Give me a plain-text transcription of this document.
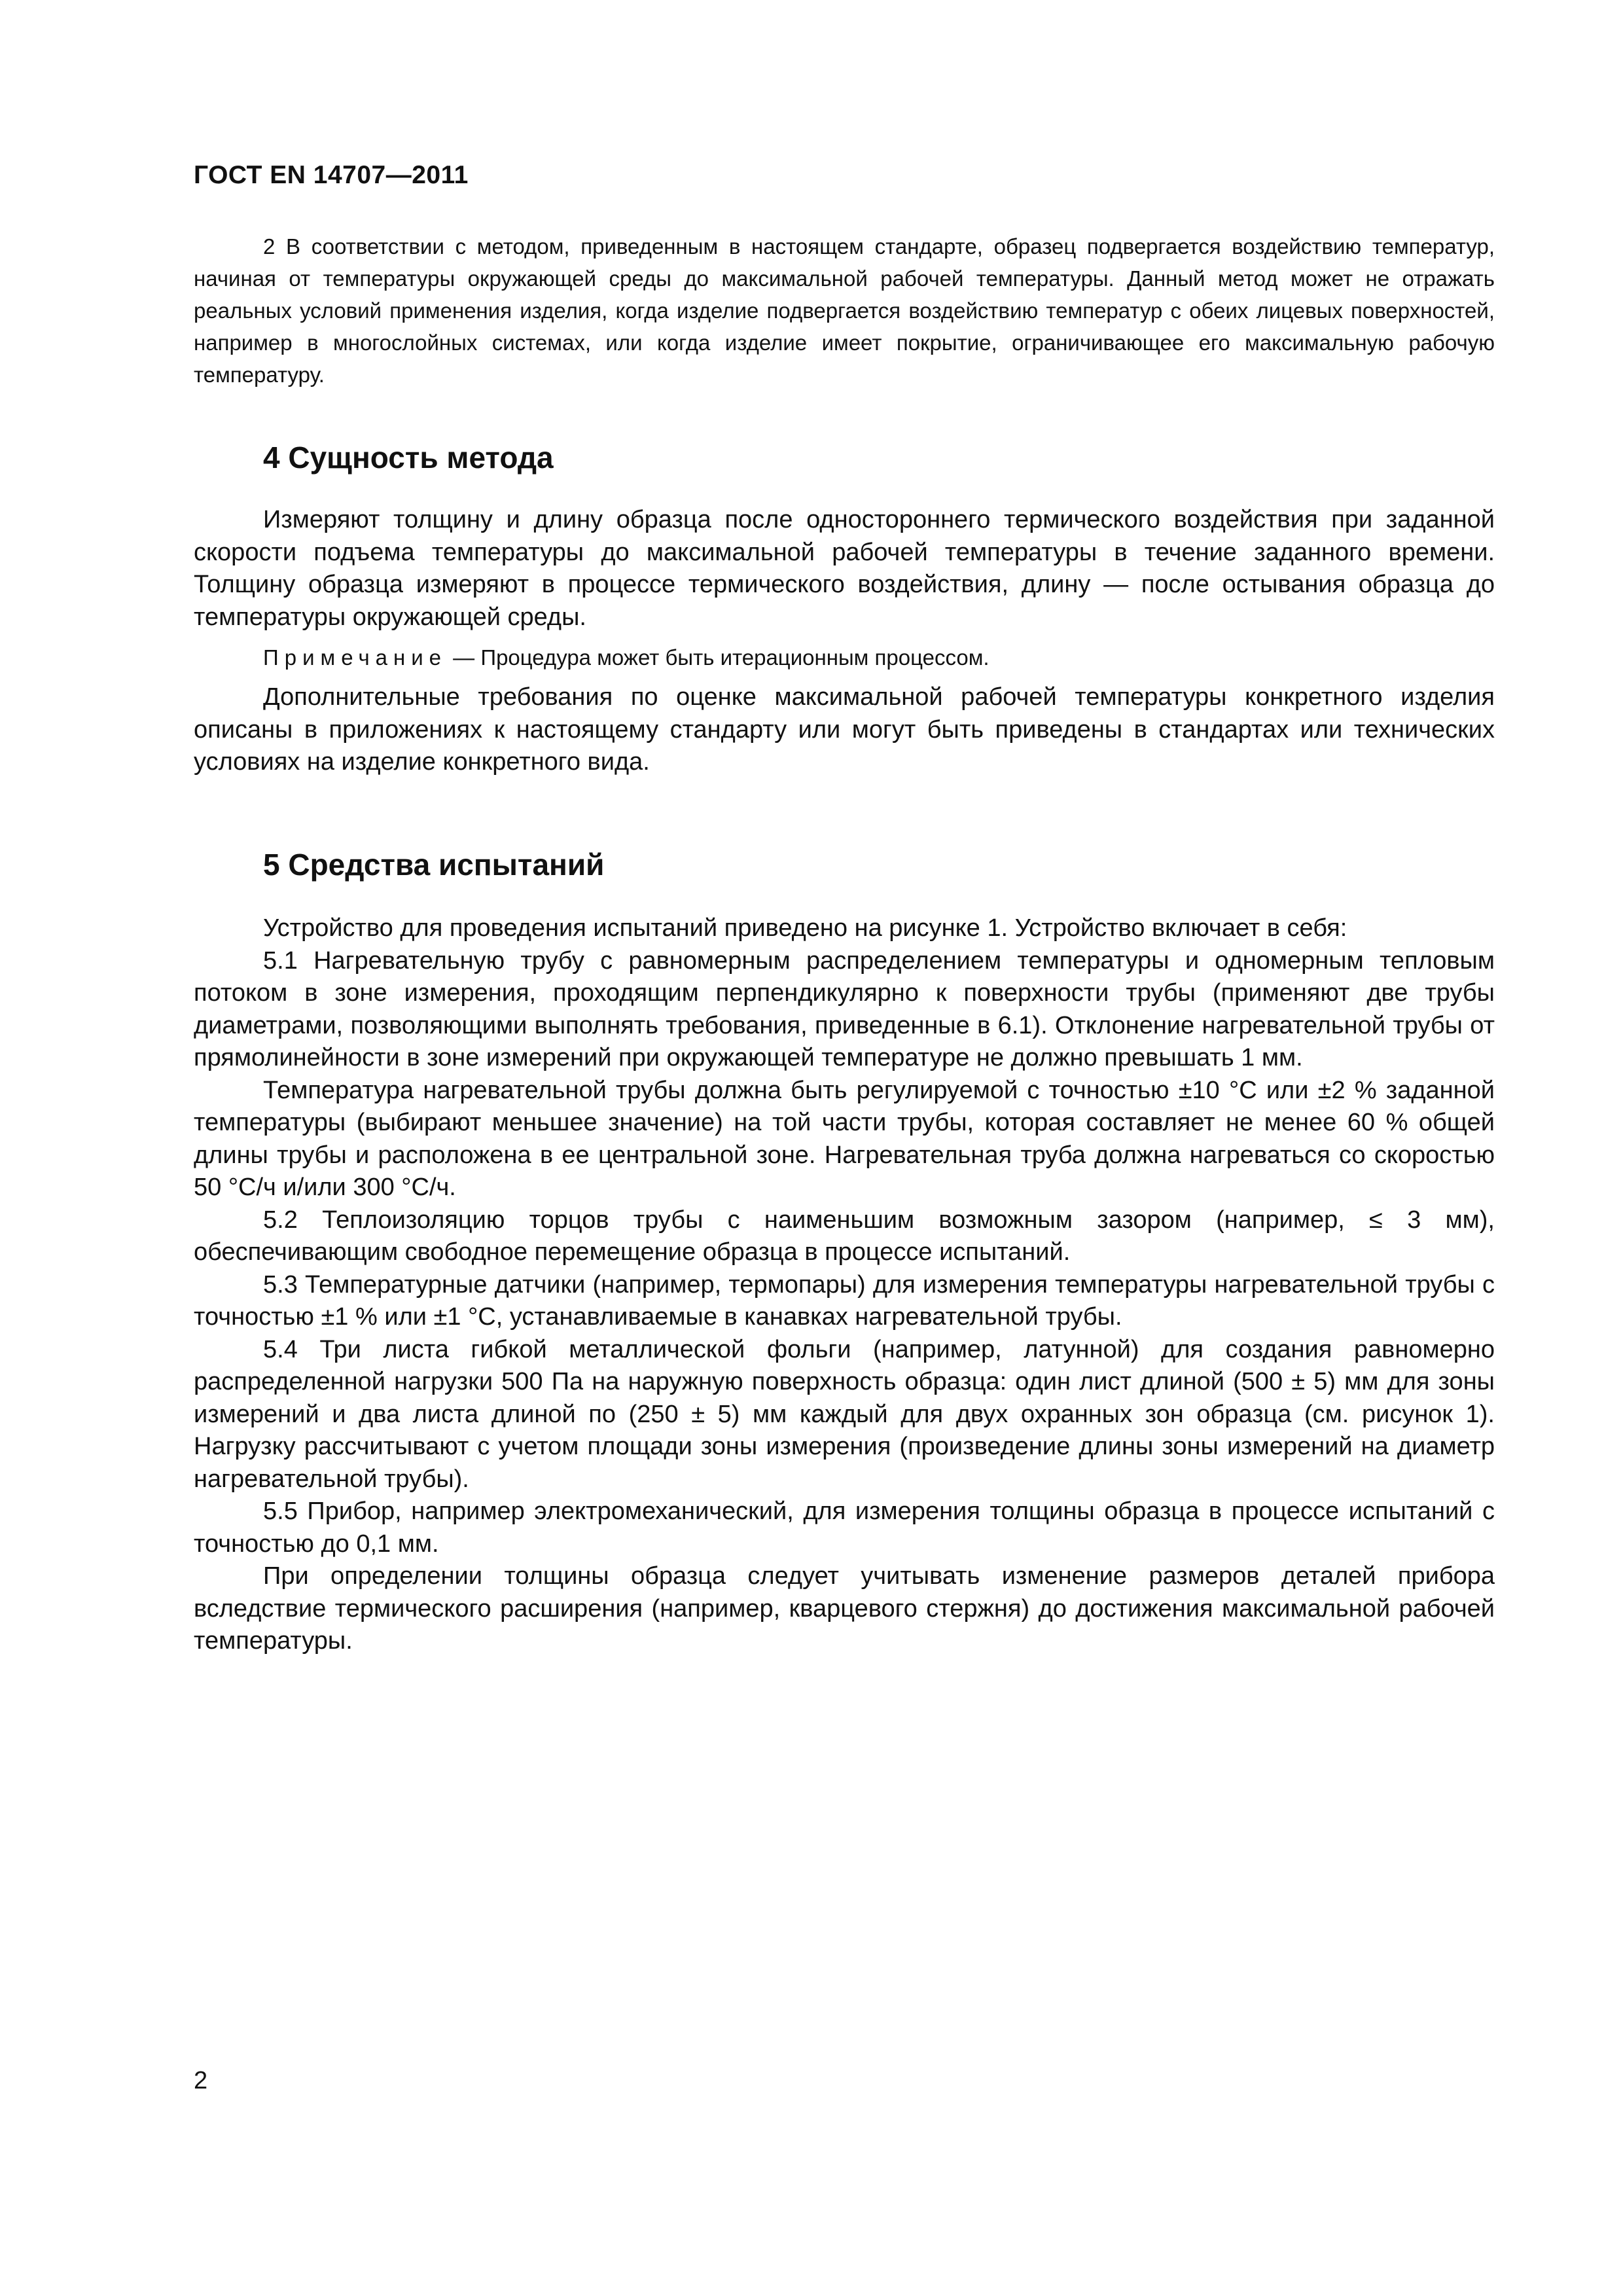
ГОСТ EN 14707—2011

2 В соответствии с методом, приведенным в настоящем стандарте, образец подвергается воздействию температур, начиная от температуры окружающей среды до максимальной рабочей температуры. Данный метод может не отражать реальных условий применения изделия, когда изделие подвергается воздействию температур с обеих лицевых поверхностей, например в многослойных системах, или когда изделие имеет покрытие, ограничивающее его максимальную рабочую температуру.

4 Сущность метода

Измеряют толщину и длину образца после одностороннего термического воздействия при заданной скорости подъема температуры до максимальной рабочей температуры в течение заданного времени. Толщину образца измеряют в процессе термического воздействия, длину — после остывания образца до температуры окружающей среды.

Примечание — Процедура может быть итерационным процессом.

Дополнительные требования по оценке максимальной рабочей температуры конкретного изделия описаны в приложениях к настоящему стандарту или могут быть приведены в стандартах или технических условиях на изделие конкретного вида.

5 Средства испытаний

Устройство для проведения испытаний приведено на рисунке 1. Устройство включает в себя:

5.1 Нагревательную трубу с равномерным распределением температуры и одномерным тепловым потоком в зоне измерения, проходящим перпендикулярно к поверхности трубы (применяют две трубы диаметрами, позволяющими выполнять требования, приведенные в 6.1). Отклонение нагревательной трубы от прямолинейности в зоне измерений при окружающей температуре не должно превышать 1 мм.

Температура нагревательной трубы должна быть регулируемой с точностью ±10 °С или ±2 % заданной температуры (выбирают меньшее значение) на той части трубы, которая составляет не менее 60 % общей длины трубы и расположена в ее центральной зоне. Нагревательная труба должна нагреваться со скоростью 50 °С/ч и/или 300 °С/ч.

5.2 Теплоизоляцию торцов трубы с наименьшим возможным зазором (например, ≤ 3 мм), обеспечивающим свободное перемещение образца в процессе испытаний.

5.3 Температурные датчики (например, термопары) для измерения температуры нагревательной трубы с точностью ±1 % или ±1 °С, устанавливаемые в канавках нагревательной трубы.

5.4 Три листа гибкой металлической фольги (например, латунной) для создания равномерно распределенной нагрузки 500 Па на наружную поверхность образца: один лист длиной (500 ± 5) мм для зоны измерений и два листа длиной по (250 ± 5) мм каждый для двух охранных зон образца (см. рисунок 1). Нагрузку рассчитывают с учетом площади зоны измерения (произведение длины зоны измерений на диаметр нагревательной трубы).

5.5 Прибор, например электромеханический, для измерения толщины образца в процессе испытаний с точностью до 0,1 мм.

При определении толщины образца следует учитывать изменение размеров деталей прибора вследствие термического расширения (например, кварцевого стержня) до достижения максимальной рабочей температуры.

2
